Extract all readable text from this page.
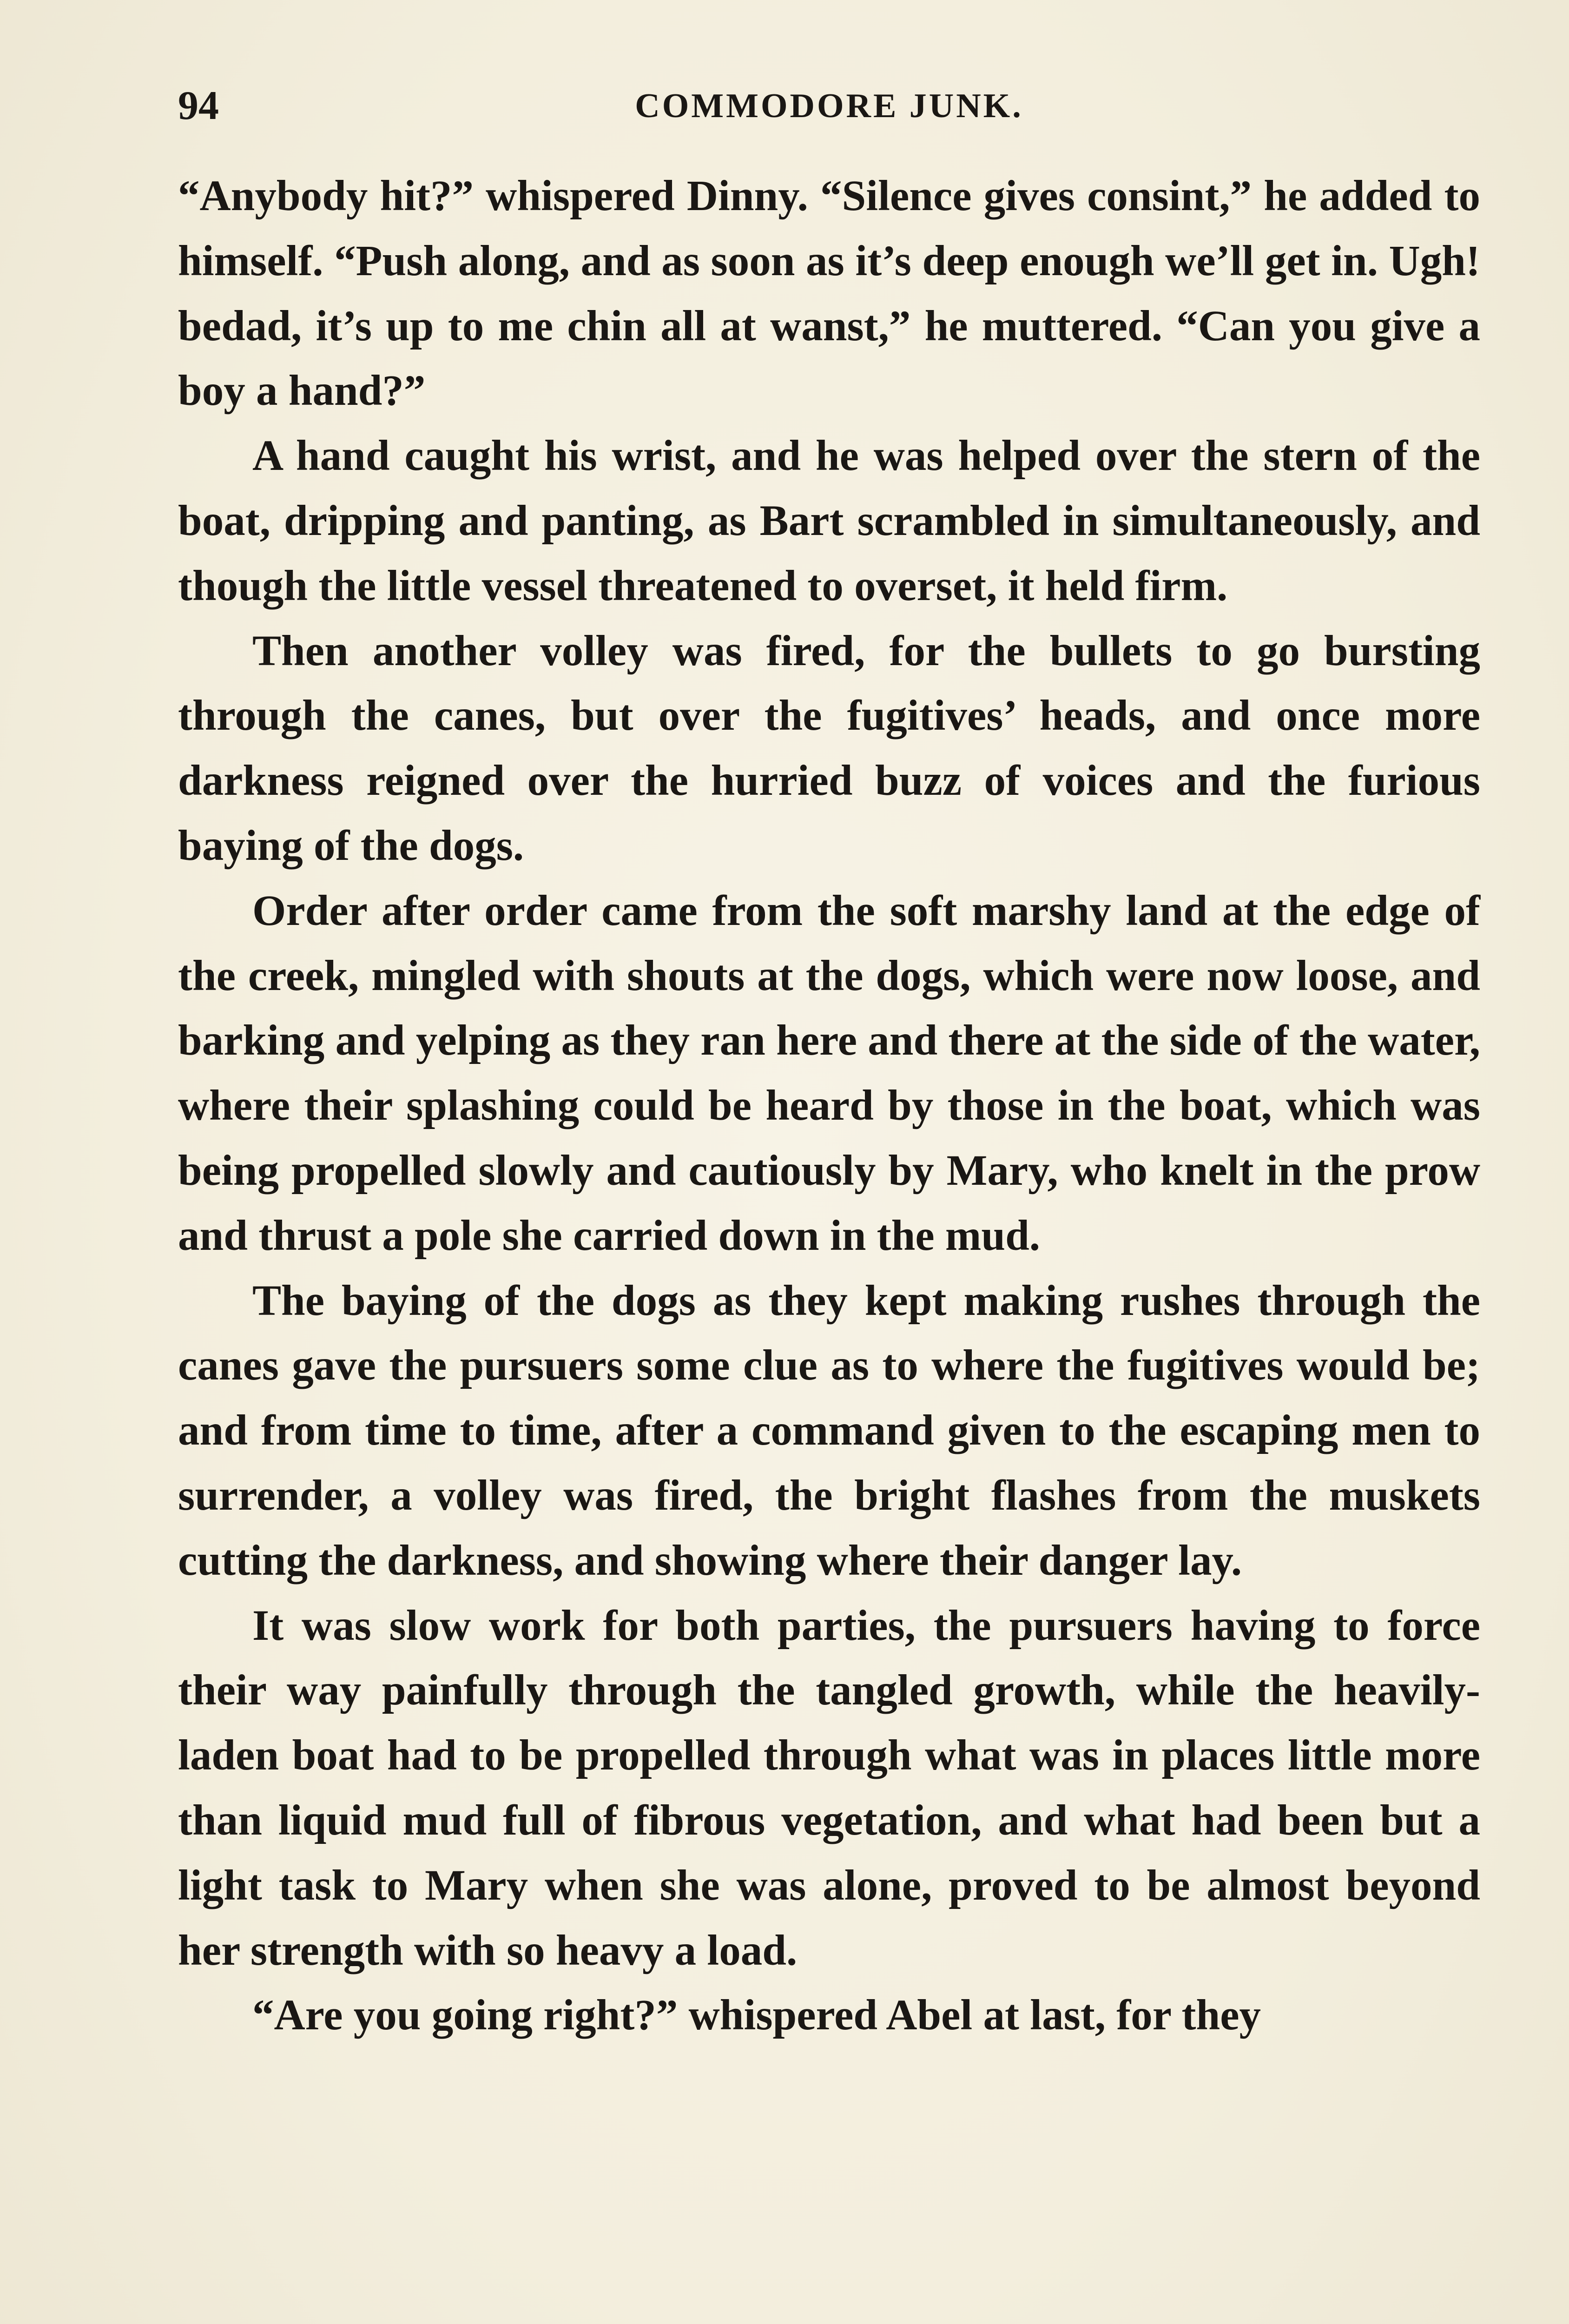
94	COMMODORE JUNK.

“Anybody hit?” whispered Dinny. “Silence gives consint,” he added to himself. “Push along, and as soon as it’s deep enough we’ll get in. Ugh! bedad, it’s up to me chin all at wanst,” he muttered. “Can you give a boy a hand?”

A hand caught his wrist, and he was helped over the stern of the boat, dripping and panting, as Bart scrambled in simultaneously, and though the little vessel threatened to overset, it held firm.

Then another volley was fired, for the bullets to go bursting through the canes, but over the fugitives’ heads, and once more darkness reigned over the hurried buzz of voices and the furious baying of the dogs.

Order after order came from the soft marshy land at the edge of the creek, mingled with shouts at the dogs, which were now loose, and barking and yelping as they ran here and there at the side of the water, where their splashing could be heard by those in the boat, which was being propelled slowly and cautiously by Mary, who knelt in the prow and thrust a pole she carried down in the mud.

The baying of the dogs as they kept making rushes through the canes gave the pursuers some clue as to where the fugitives would be; and from time to time, after a command given to the escaping men to surrender, a volley was fired, the bright flashes from the muskets cutting the darkness, and showing where their danger lay.

It was slow work for both parties, the pursuers having to force their way painfully through the tangled growth, while the heavily-laden boat had to be propelled through what was in places little more than liquid mud full of fibrous vegetation, and what had been but a light task to Mary when she was alone, proved to be almost beyond her strength with so heavy a load.

“Are you going right?” whispered Abel at last, for they
